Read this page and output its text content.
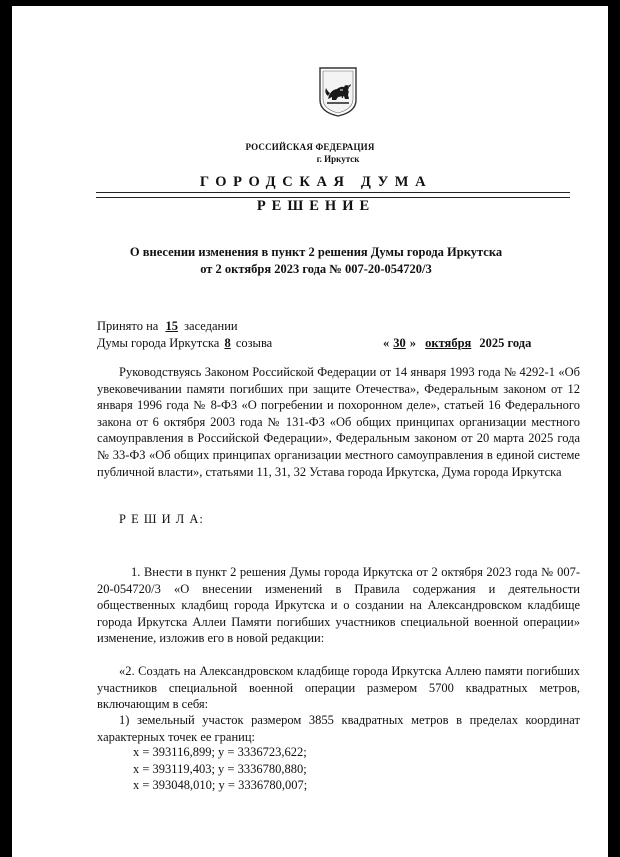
РОССИЙСКАЯ ФЕДЕРАЦИЯ
г. Иркутск
ГОРОДСКАЯ ДУМА
РЕШЕНИЕ
О внесении изменения в пункт 2 решения Думы города Иркутска
от 2 октября 2023 года № 007-20-054720/3
Принято на 15 заседании
Думы города Иркутска 8 созыва	« 30 » октября 2025 года

Руководствуясь Законом Российской Федерации от 14 января 1993 года № 4292-1 «Об увековечивании памяти погибших при защите Отечества», Федеральным законом от 12 января 1996 года № 8-ФЗ «О погребении и похоронном деле», статьей 16 Федерального закона от 6 октября 2003 года № 131-ФЗ «Об общих принципах организации местного самоуправления в Российской Федерации», Федеральным законом от 20 марта 2025 года № 33-ФЗ «Об общих принципах организации местного самоуправления в единой системе публичной власти», статьями 11, 31, 32 Устава города Иркутска, Дума города Иркутска

Р Е Ш И Л А:

1. Внести в пункт 2 решения Думы города Иркутска от 2 октября 2023 года № 007-20-054720/3 «О внесении изменений в Правила содержания и деятельности общественных кладбищ города Иркутска и о создании на Александровском кладбище города Иркутска Аллеи Памяти погибших участников специальной военной операции» изменение, изложив его в новой редакции:

«2. Создать на Александровском кладбище города Иркутска Аллею памяти погибших участников специальной военной операции размером 5700 квадратных метров, включающим в себя:

1) земельный участок размером 3855 квадратных метров в пределах координат характерных точек ее границ:

х = 393116,899; у = 3336723,622;
х = 393119,403; у = 3336780,880;
х = 393048,010; у = 3336780,007;
